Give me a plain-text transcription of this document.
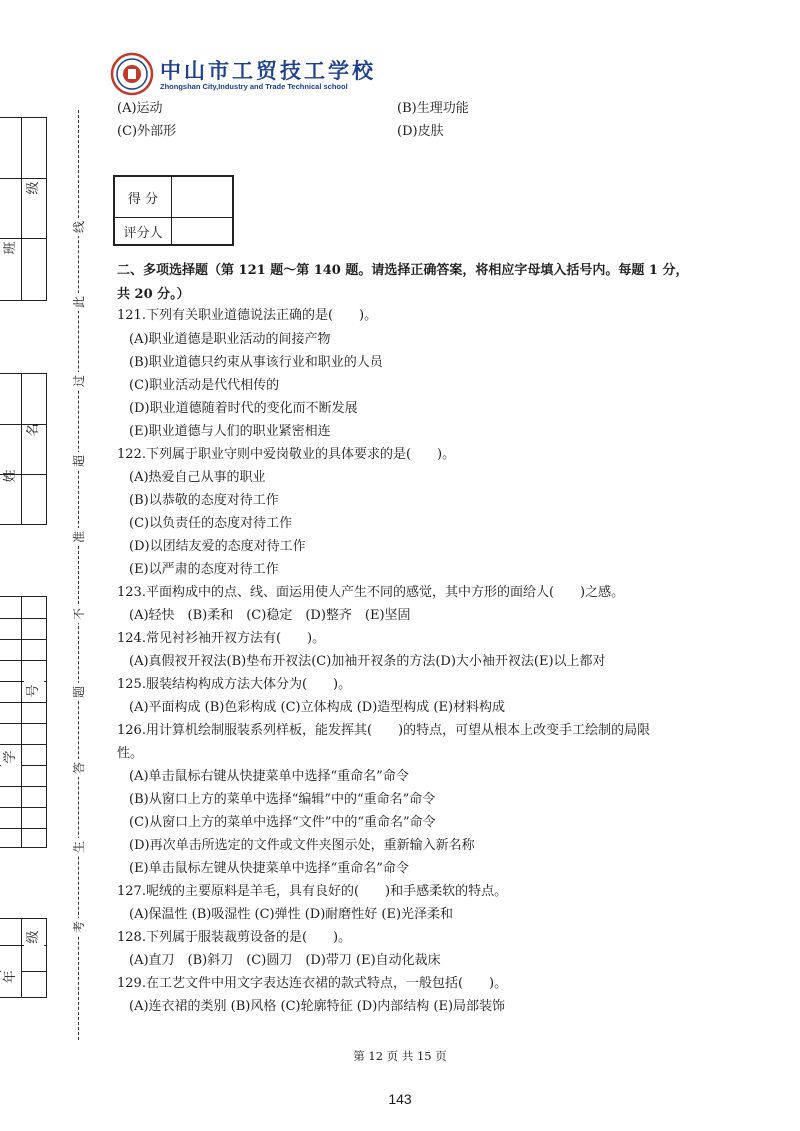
中山市工贸技工学校
Zhongshan City,Industry and Trade Technical school
班
级
姓
名
学
号
年
级
线
此
过
超
准
不
题
答
生
考
(A)运动	(B)生理功能
(C)外部形	(D)皮肤
得 分	
评分人	
二、多项选择题（第 121 题～第 140 题。请选择正确答案，将相应字母填入括号内。每题 1 分，
共 20 分。）
121.下列有关职业道德说法正确的是(　　)。
(A)职业道德是职业活动的间接产物
(B)职业道德只约束从事该行业和职业的人员
(C)职业活动是代代相传的
(D)职业道德随着时代的变化而不断发展
(E)职业道德与人们的职业紧密相连
122.下列属于职业守则中爱岗敬业的具体要求的是(　　)。
(A)热爱自己从事的职业
(B)以恭敬的态度对待工作
(C)以负责任的态度对待工作
(D)以团结友爱的态度对待工作
(E)以严肃的态度对待工作
123.平面构成中的点、线、面运用使人产生不同的感觉，其中方形的面给人(　　)之感。
(A)轻快　(B)柔和　(C)稳定　(D)整齐　(E)坚固
124.常见衬衫袖开衩方法有(　　)。
(A)真假衩开衩法(B)垫布开衩法(C)加袖开衩条的方法(D)大小袖开衩法(E)以上都对
125.服装结构构成方法大体分为(　　)。
(A)平面构成 (B)色彩构成 (C)立体构成 (D)造型构成 (E)材料构成
126.用计算机绘制服装系列样板，能发挥其(　　)的特点，可望从根本上改变手工绘制的局限
性。
(A)单击鼠标右键从快捷菜单中选择“重命名”命令
(B)从窗口上方的菜单中选择“编辑”中的“重命名”命令
(C)从窗口上方的菜单中选择“文件”中的“重命名”命令
(D)再次单击所选定的文件或文件夹图示处，重新输入新名称
(E)单击鼠标左键从快捷菜单中选择“重命名”命令
127.呢绒的主要原料是羊毛，具有良好的(　　)和手感柔软的特点。
(A)保温性 (B)吸湿性 (C)弹性 (D)耐磨性好 (E)光泽柔和
128.下列属于服装裁剪设备的是(　　)。
(A)直刀　(B)斜刀　(C)圆刀　(D)带刀 (E)自动化裁床
129.在工艺文件中用文字表达连衣裙的款式特点，一般包括(　　)。
(A)连衣裙的类别 (B)风格 (C)轮廓特征 (D)内部结构 (E)局部装饰
第 12 页 共 15 页
143
